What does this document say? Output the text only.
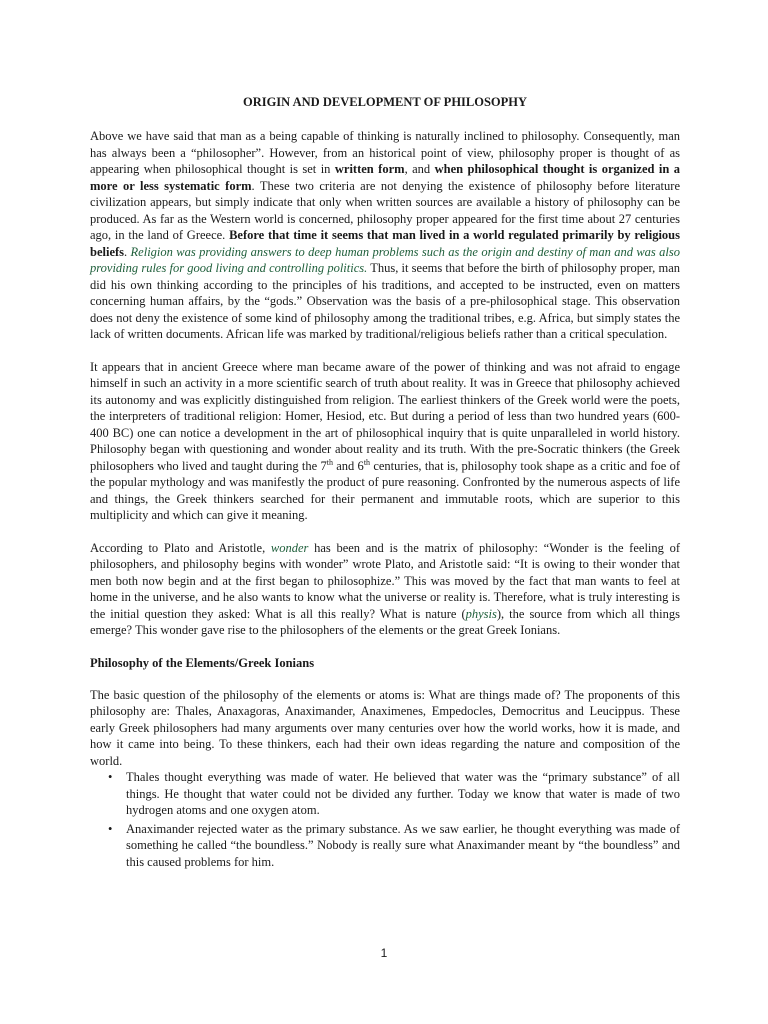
ORIGIN AND DEVELOPMENT OF PHILOSOPHY

Above we have said that man as a being capable of thinking is naturally inclined to philosophy. Consequently, man has always been a “philosopher”. However, from an historical point of view, philosophy proper is thought of as appearing when philosophical thought is set in written form, and when philosophical thought is organized in a more or less systematic form. These two criteria are not denying the existence of philosophy before literature civilization appears, but simply indicate that only when written sources are available a history of philosophy can be produced. As far as the Western world is concerned, philosophy proper appeared for the first time about 27 centuries ago, in the land of Greece. Before that time it seems that man lived in a world regulated primarily by religious beliefs. Religion was providing answers to deep human problems such as the origin and destiny of man and was also providing rules for good living and controlling politics. Thus, it seems that before the birth of philosophy proper, man did his own thinking according to the principles of his traditions, and accepted to be instructed, even on matters concerning human affairs, by the “gods.” Observation was the basis of a pre-philosophical stage. This observation does not deny the existence of some kind of philosophy among the traditional tribes, e.g. Africa, but simply states the lack of written documents. African life was marked by traditional/religious beliefs rather than a critical speculation.

It appears that in ancient Greece where man became aware of the power of thinking and was not afraid to engage himself in such an activity in a more scientific search of truth about reality. It was in Greece that philosophy achieved its autonomy and was explicitly distinguished from religion. The earliest thinkers of the Greek world were the poets, the interpreters of traditional religion: Homer, Hesiod, etc. But during a period of less than two hundred years (600-400 BC) one can notice a development in the art of philosophical inquiry that is quite unparalleled in world history. Philosophy began with questioning and wonder about reality and its truth. With the pre-Socratic thinkers (the Greek philosophers who lived and taught during the 7th and 6th centuries, that is, philosophy took shape as a critic and foe of the popular mythology and was manifestly the product of pure reasoning. Confronted by the numerous aspects of life and things, the Greek thinkers searched for their permanent and immutable roots, which are superior to this multiplicity and which can give it meaning.

According to Plato and Aristotle, wonder has been and is the matrix of philosophy: “Wonder is the feeling of philosophers, and philosophy begins with wonder” wrote Plato, and Aristotle said: “It is owing to their wonder that men both now begin and at the first began to philosophize.” This was moved by the fact that man wants to feel at home in the universe, and he also wants to know what the universe or reality is. Therefore, what is truly interesting is the initial question they asked: What is all this really? What is nature (physis), the source from which all things emerge? This wonder gave rise to the philosophers of the elements or the great Greek Ionians.

Philosophy of the Elements/Greek Ionians

The basic question of the philosophy of the elements or atoms is: What are things made of? The proponents of this philosophy are: Thales, Anaxagoras, Anaximander, Anaximenes, Empedocles, Democritus and Leucippus. These early Greek philosophers had many arguments over many centuries over how the world works, how it is made, and how it came into being. To these thinkers, each had their own ideas regarding the nature and composition of the world.

• Thales thought everything was made of water. He believed that water was the “primary substance” of all things. He thought that water could not be divided any further. Today we know that water is made of two hydrogen atoms and one oxygen atom.
• Anaximander rejected water as the primary substance. As we saw earlier, he thought everything was made of something he called “the boundless.” Nobody is really sure what Anaximander meant by “the boundless” and this caused problems for him.
1
